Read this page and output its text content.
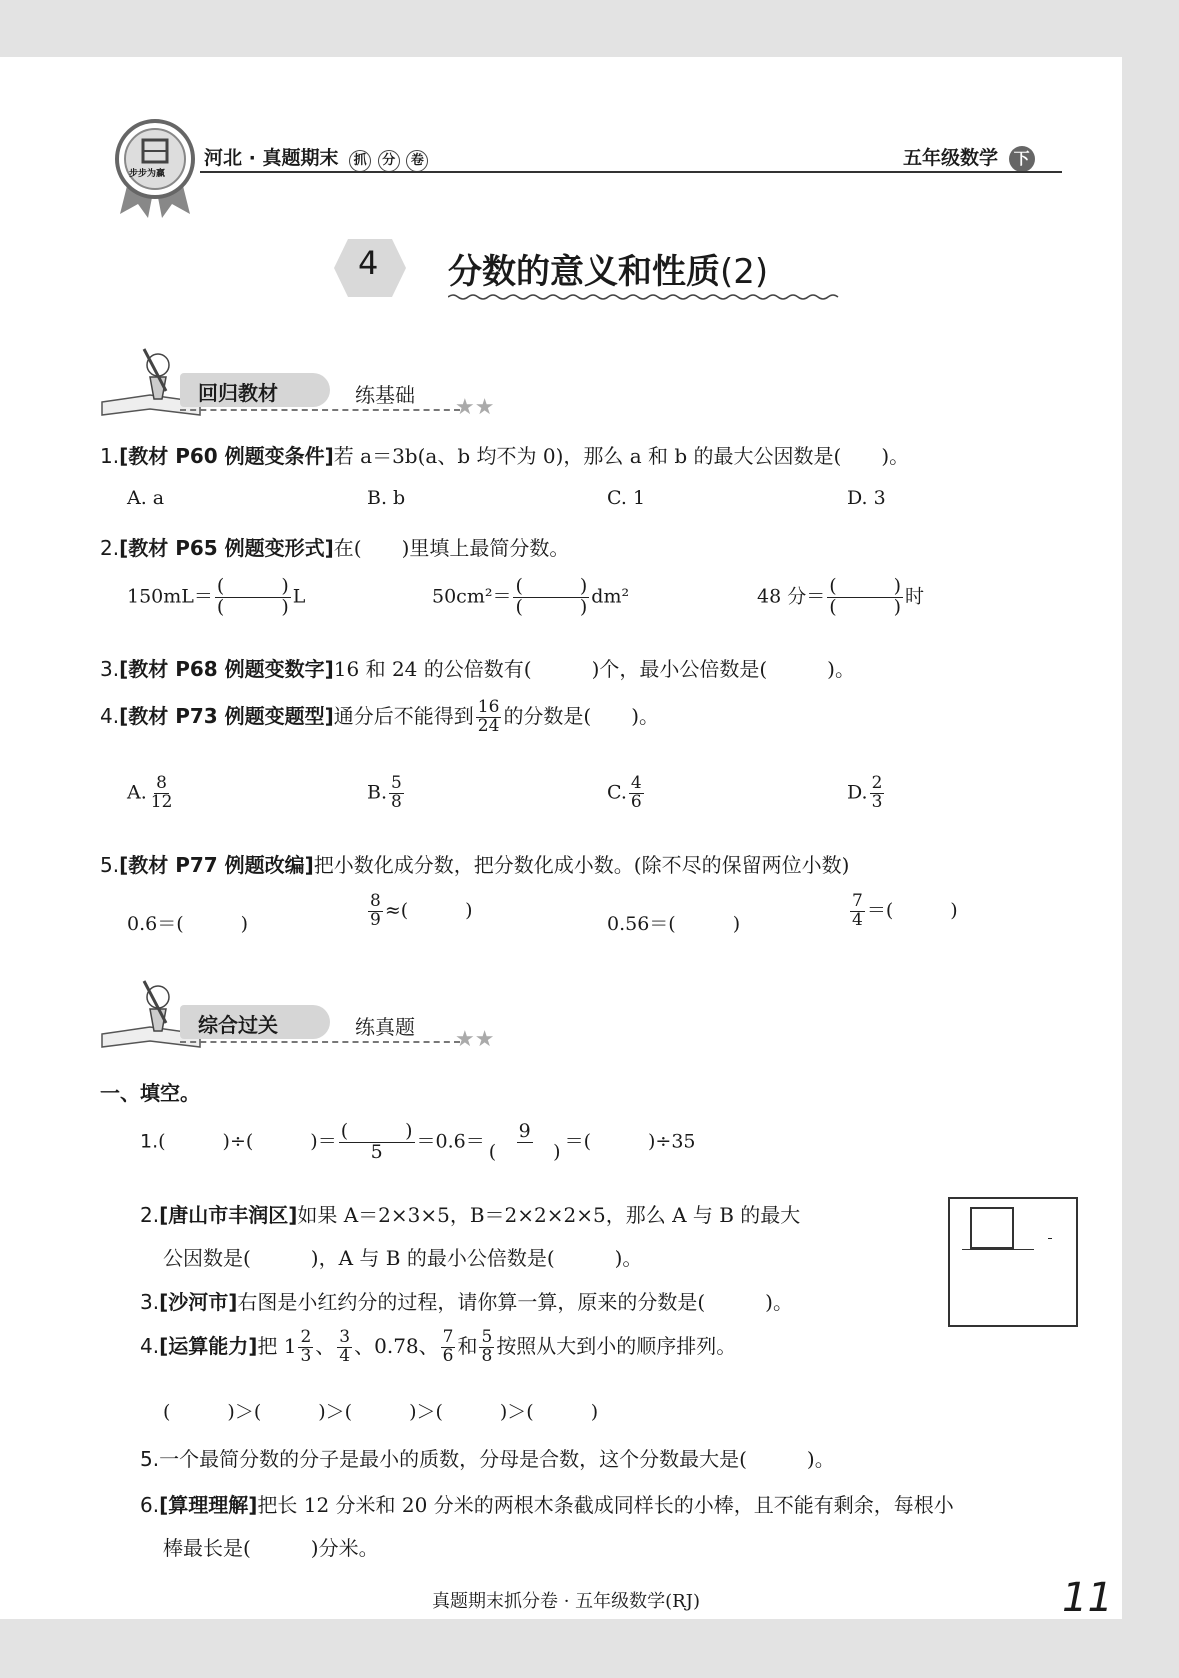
步步为赢
河北 · 真题期末 抓 分 卷	五年级数学 下
4 分数的意义和性质(2)
回归教材	练基础 ★★
1.[教材 P60 例题变条件]若 a＝3b(a、b 均不为 0)，那么 a 和 b 的最大公因数是(　　)。
A. a	B. b	C. 1	D. 3
2.[教材 P65 例题变形式]在(　　)里填上最简分数。
$150mL= \frac{( )}{( )}$ L	$50cm^2= \frac{( )}{( )} dm^2$	48 分＝ $\frac{( )}{( )}$ 时
3.[教材 P68 例题变数字]16 和 24 的公倍数有(　　　)个，最小公倍数是(　　　)。
4.[教材 P73 例题变题型]通分后不能得到 $\frac{16}{24}$ 的分数是(　　)。
A. $\frac{8}{12}$	B. $\frac{5}{8}$	C. $\frac{4}{6}$	D. $\frac{2}{3}$
5.[教材 P77 例题改编]把小数化成分数，把分数化成小数。(除不尽的保留两位小数)
0.6＝(　　　)	$\frac{8}{9}$ ≈(　　　)
0.56＝(　　　)	$\frac{7}{4}$ ＝(　　　)
综合过关	练真题 ★★
一、填空。
1.(　　　)÷(　　　)＝ $\frac{( )}{5} =0.6= \frac{9}{( )}$ ＝(　　　)÷35
2.[唐山市丰润区]如果 A＝2×3×5，B＝2×2×2×5，那么 A 与 B 的最大
公因数是(　　　)，A 与 B 的最小公倍数是(　　　)。
3.[沙河市]右图是小红约分的过程，请你算一算，原来的分数是(　　　)。
4.[运算能力]把 $1 \frac{2}{3}$ 、 $\frac{3}{4}$ 、0.78、 $\frac{7}{6}$ 和 $\frac{5}{8}$ 按照从大到小的顺序排列。
(　　　)＞(　　　)＞(　　　)＞(　　　)＞(　　　)
5.一个最简分数的分子是最小的质数，分母是合数，这个分数最大是(　　　)。
6.[算理理解]把长 12 分米和 20 分米的两根木条截成同样长的小棒，且不能有剩余，每根小
棒最长是(　　　)分米。
真题期末抓分卷 · 五年级数学(RJ)	11
